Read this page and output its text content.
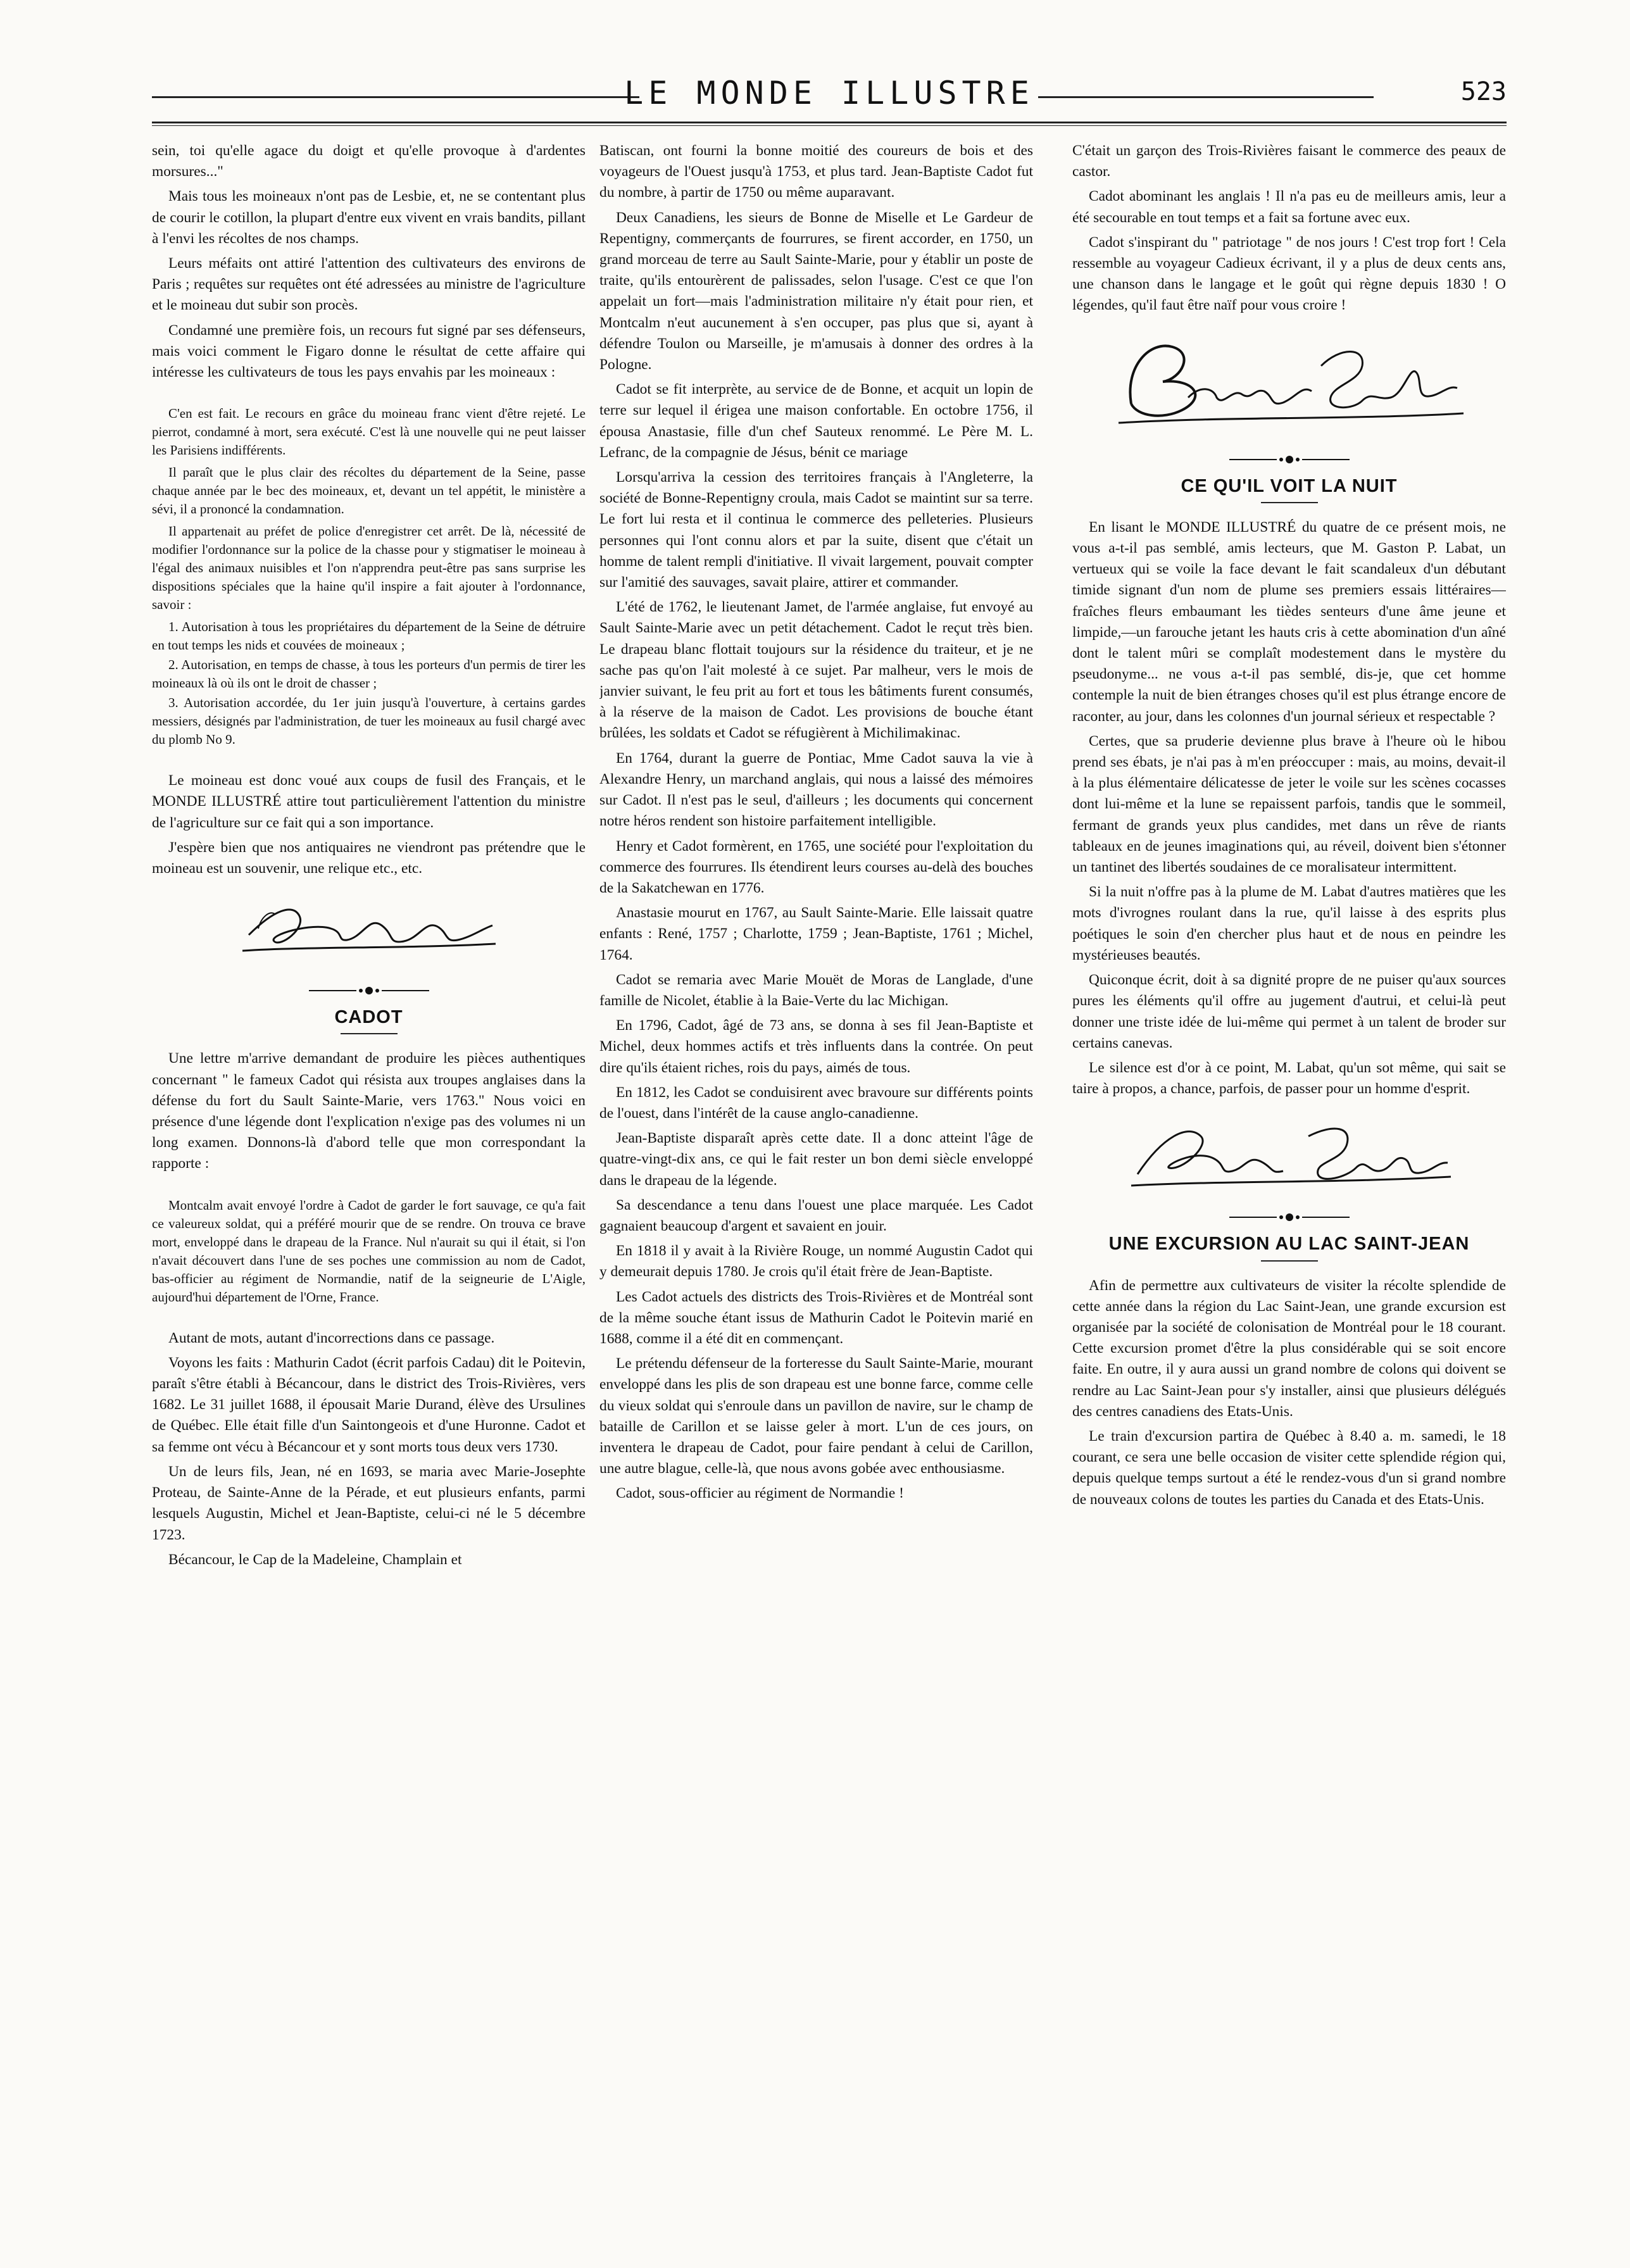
LE MONDE ILLUSTRE	523

sein, toi qu'elle agace du doigt et qu'elle provoque à d'ardentes morsures..."

Mais tous les moineaux n'ont pas de Lesbie, et, ne se contentant plus de courir le cotillon, la plupart d'entre eux vivent en vrais bandits, pillant à l'envi les récoltes de nos champs.

Leurs méfaits ont attiré l'attention des cultivateurs des environs de Paris ; requêtes sur requêtes ont été adressées au ministre de l'agriculture et le moineau dut subir son procès.

Condamné une première fois, un recours fut signé par ses défenseurs, mais voici comment le Figaro donne le résultat de cette affaire qui intéresse les cultivateurs de tous les pays envahis par les moineaux :

C'en est fait. Le recours en grâce du moineau franc vient d'être rejeté. Le pierrot, condamné à mort, sera exécuté. C'est là une nouvelle qui ne peut laisser les Parisiens indifférents.

Il paraît que le plus clair des récoltes du département de la Seine, passe chaque année par le bec des moineaux, et, devant un tel appétit, le ministère a sévi, il a prononcé la condamnation.

Il appartenait au préfet de police d'enregistrer cet arrêt. De là, nécessité de modifier l'ordonnance sur la police de la chasse pour y stigmatiser le moineau à l'égal des animaux nuisibles et l'on n'apprendra peut-être pas sans surprise les dispositions spéciales que la haine qu'il inspire a fait ajouter à l'ordonnance, savoir :

1. Autorisation à tous les propriétaires du département de la Seine de détruire en tout temps les nids et couvées de moineaux ;
2. Autorisation, en temps de chasse, à tous les porteurs d'un permis de tirer les moineaux là où ils ont le droit de chasser ;
3. Autorisation accordée, du 1er juin jusqu'à l'ouverture, à certains gardes messiers, désignés par l'administration, de tuer les moineaux au fusil chargé avec du plomb No 9.

Le moineau est donc voué aux coups de fusil des Français, et le MONDE ILLUSTRÉ attire tout particulièrement l'attention du ministre de l'agriculture sur ce fait qui a son importance.

J'espère bien que nos antiquaires ne viendront pas prétendre que le moineau est un souvenir, une relique etc., etc.

CADOT

Une lettre m'arrive demandant de produire les pièces authentiques concernant " le fameux Cadot qui résista aux troupes anglaises dans la défense du fort du Sault Sainte-Marie, vers 1763." Nous voici en présence d'une légende dont l'explication n'exige pas des volumes ni un long examen. Donnons-là d'abord telle que mon correspondant la rapporte :

Montcalm avait envoyé l'ordre à Cadot de garder le fort sauvage, ce qu'a fait ce valeureux soldat, qui a préféré mourir que de se rendre. On trouva ce brave mort, enveloppé dans le drapeau de la France. Nul n'aurait su qui il était, si l'on n'avait découvert dans l'une de ses poches une commission au nom de Cadot, bas-officier au régiment de Normandie, natif de la seigneurie de L'Aigle, aujourd'hui département de l'Orne, France.

Autant de mots, autant d'incorrections dans ce passage.

Voyons les faits : Mathurin Cadot (écrit parfois Cadau) dit le Poitevin, paraît s'être établi à Bécancour, dans le district des Trois-Rivières, vers 1682. Le 31 juillet 1688, il épousait Marie Durand, élève des Ursulines de Québec. Elle était fille d'un Saintongeois et d'une Huronne. Cadot et sa femme ont vécu à Bécancour et y sont morts tous deux vers 1730.

Un de leurs fils, Jean, né en 1693, se maria avec Marie-Josephte Proteau, de Sainte-Anne de la Pérade, et eut plusieurs enfants, parmi lesquels Augustin, Michel et Jean-Baptiste, celui-ci né le 5 décembre 1723.

Bécancour, le Cap de la Madeleine, Champlain et

Batiscan, ont fourni la bonne moitié des coureurs de bois et des voyageurs de l'Ouest jusqu'à 1753, et plus tard. Jean-Baptiste Cadot fut du nombre, à partir de 1750 ou même auparavant.

Deux Canadiens, les sieurs de Bonne de Miselle et Le Gardeur de Repentigny, commerçants de fourrures, se firent accorder, en 1750, un grand morceau de terre au Sault Sainte-Marie, pour y établir un poste de traite, qu'ils entourèrent de palissades, selon l'usage. C'est ce que l'on appelait un fort—mais l'administration militaire n'y était pour rien, et Montcalm n'eut aucunement à s'en occuper, pas plus que si, ayant à défendre Toulon ou Marseille, je m'amusais à donner des ordres à la Pologne.

Cadot se fit interprète, au service de de Bonne, et acquit un lopin de terre sur lequel il érigea une maison confortable. En octobre 1756, il épousa Anastasie, fille d'un chef Sauteux renommé. Le Père M. L. Lefranc, de la compagnie de Jésus, bénit ce mariage

Lorsqu'arriva la cession des territoires français à l'Angleterre, la société de Bonne-Repentigny croula, mais Cadot se maintint sur sa terre. Le fort lui resta et il continua le commerce des pelleteries. Plusieurs personnes qui l'ont connu alors et par la suite, disent que c'était un homme de talent rempli d'initiative. Il vivait largement, pouvait compter sur l'amitié des sauvages, savait plaire, attirer et commander.

L'été de 1762, le lieutenant Jamet, de l'armée anglaise, fut envoyé au Sault Sainte-Marie avec un petit détachement. Cadot le reçut très bien. Le drapeau blanc flottait toujours sur la résidence du traiteur, et je ne sache pas qu'on l'ait molesté à ce sujet. Par malheur, vers le mois de janvier suivant, le feu prit au fort et tous les bâtiments furent consumés, à la réserve de la maison de Cadot. Les provisions de bouche étant brûlées, les soldats et Cadot se réfugièrent à Michilimakinac.

En 1764, durant la guerre de Pontiac, Mme Cadot sauva la vie à Alexandre Henry, un marchand anglais, qui nous a laissé des mémoires sur Cadot. Il n'est pas le seul, d'ailleurs ; les documents qui concernent notre héros rendent son histoire parfaitement intelligible.

Henry et Cadot formèrent, en 1765, une société pour l'exploitation du commerce des fourrures. Ils étendirent leurs courses au-delà des bouches de la Sakatchewan en 1776.

Anastasie mourut en 1767, au Sault Sainte-Marie. Elle laissait quatre enfants : René, 1757 ; Charlotte, 1759 ; Jean-Baptiste, 1761 ; Michel, 1764.

Cadot se remaria avec Marie Mouët de Moras de Langlade, d'une famille de Nicolet, établie à la Baie-Verte du lac Michigan.

En 1796, Cadot, âgé de 73 ans, se donna à ses fil Jean-Baptiste et Michel, deux hommes actifs et très influents dans la contrée. On peut dire qu'ils étaient riches, rois du pays, aimés de tous.

En 1812, les Cadot se conduisirent avec bravoure sur différents points de l'ouest, dans l'intérêt de la cause anglo-canadienne.

Jean-Baptiste disparaît après cette date. Il a donc atteint l'âge de quatre-vingt-dix ans, ce qui le fait rester un bon demi siècle enveloppé dans le drapeau de la légende.

Sa descendance a tenu dans l'ouest une place marquée. Les Cadot gagnaient beaucoup d'argent et savaient en jouir.

En 1818 il y avait à la Rivière Rouge, un nommé Augustin Cadot qui y demeurait depuis 1780. Je crois qu'il était frère de Jean-Baptiste.

Les Cadot actuels des districts des Trois-Rivières et de Montréal sont de la même souche étant issus de Mathurin Cadot le Poitevin marié en 1688, comme il a été dit en commençant.

Le prétendu défenseur de la forteresse du Sault Sainte-Marie, mourant enveloppé dans les plis de son drapeau est une bonne farce, comme celle du vieux soldat qui s'enroule dans un pavillon de navire, sur le champ de bataille de Carillon et se laisse geler à mort. L'un de ces jours, on inventera le drapeau de Cadot, pour faire pendant à celui de Carillon, une autre blague, celle-là, que nous avons gobée avec enthousiasme.

Cadot, sous-officier au régiment de Normandie !

C'était un garçon des Trois-Rivières faisant le commerce des peaux de castor.

Cadot abominant les anglais ! Il n'a pas eu de meilleurs amis, leur a été secourable en tout temps et a fait sa fortune avec eux.

Cadot s'inspirant du " patriotage " de nos jours ! C'est trop fort ! Cela ressemble au voyageur Cadieux écrivant, il y a plus de deux cents ans, une chanson dans le langage et le goût qui règne depuis 1830 ! O légendes, qu'il faut être naïf pour vous croire !

CE QU'IL VOIT LA NUIT

En lisant le MONDE ILLUSTRÉ du quatre de ce présent mois, ne vous a-t-il pas semblé, amis lecteurs, que M. Gaston P. Labat, un vertueux qui se voile la face devant le fait scandaleux d'un débutant timide signant d'un nom de plume ses premiers essais littéraires—fraîches fleurs embaumant les tièdes senteurs d'une âme jeune et limpide,—un farouche jetant les hauts cris à cette abomination d'un aîné dont le talent mûri se complaît modestement dans le mystère du pseudonyme... ne vous a-t-il pas semblé, dis-je, que cet homme contemple la nuit de bien étranges choses qu'il est plus étrange encore de raconter, au jour, dans les colonnes d'un journal sérieux et respectable ?

Certes, que sa pruderie devienne plus brave à l'heure où le hibou prend ses ébats, je n'ai pas à m'en préoccuper : mais, au moins, devait-il à la plus élémentaire délicatesse de jeter le voile sur les scènes cocasses dont lui-même et la lune se repaissent parfois, tandis que le sommeil, fermant de grands yeux plus candides, met dans un rêve de riants tableaux en de jeunes imaginations qui, au réveil, doivent bien s'étonner un tantinet des libertés soudaines de ce moralisateur intermittent.

Si la nuit n'offre pas à la plume de M. Labat d'autres matières que les mots d'ivrognes roulant dans la rue, qu'il laisse à des esprits plus poétiques le soin d'en chercher plus haut et de nous en peindre les mystérieuses beautés.

Quiconque écrit, doit à sa dignité propre de ne puiser qu'aux sources pures les éléments qu'il offre au jugement d'autrui, et celui-là peut donner une triste idée de lui-même qui permet à un talent de broder sur certains canevas.

Le silence est d'or à ce point, M. Labat, qu'un sot même, qui sait se taire à propos, a chance, parfois, de passer pour un homme d'esprit.

UNE EXCURSION AU LAC SAINT-JEAN

Afin de permettre aux cultivateurs de visiter la récolte splendide de cette année dans la région du Lac Saint-Jean, une grande excursion est organisée par la société de colonisation de Montréal pour le 18 courant. Cette excursion promet d'être la plus considérable qui se soit encore faite. En outre, il y aura aussi un grand nombre de colons qui doivent se rendre au Lac Saint-Jean pour s'y installer, ainsi que plusieurs délégués des centres canadiens des Etats-Unis.

Le train d'excursion partira de Québec à 8.40 a. m. samedi, le 18 courant, ce sera une belle occasion de visiter cette splendide région qui, depuis quelque temps surtout a été le rendez-vous d'un si grand nombre de nouveaux colons de toutes les parties du Canada et des Etats-Unis.
